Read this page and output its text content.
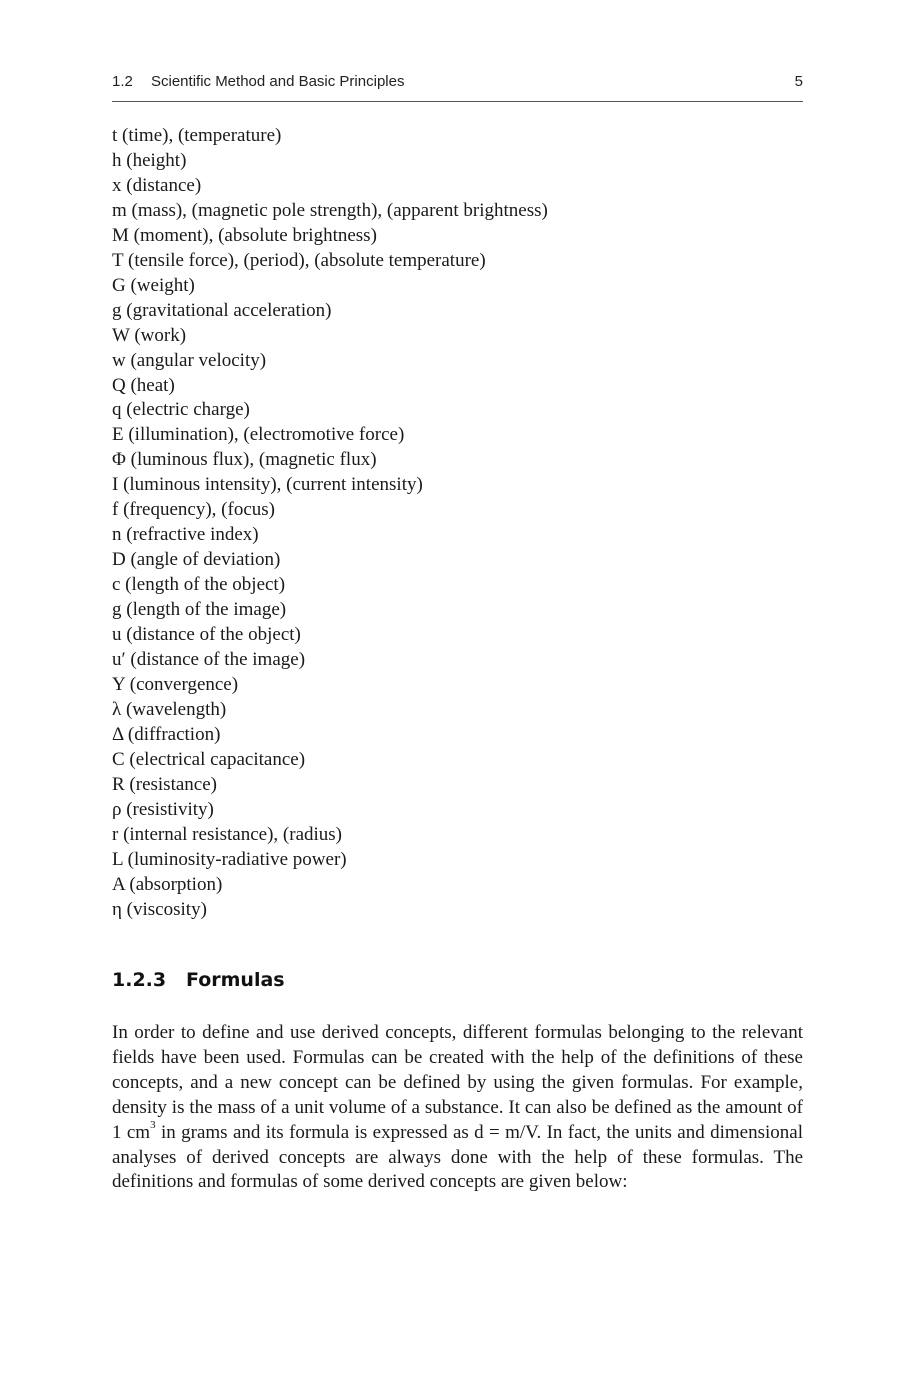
1.2 Scientific Method and Basic Principles	5
t (time), (temperature)
h (height)
x (distance)
m (mass), (magnetic pole strength), (apparent brightness)
M (moment), (absolute brightness)
T (tensile force), (period), (absolute temperature)
G (weight)
g (gravitational acceleration)
W (work)
w (angular velocity)
Q (heat)
q (electric charge)
E (illumination), (electromotive force)
Φ (luminous flux), (magnetic flux)
I (luminous intensity), (current intensity)
f (frequency), (focus)
n (refractive index)
D (angle of deviation)
c (length of the object)
g (length of the image)
u (distance of the object)
u′ (distance of the image)
Y (convergence)
λ (wavelength)
Δ (diffraction)
C (electrical capacitance)
R (resistance)
ρ (resistivity)
r (internal resistance), (radius)
L (luminosity-radiative power)
A (absorption)
η (viscosity)
1.2.3 Formulas

In order to define and use derived concepts, different formulas belonging to the relevant fields have been used. Formulas can be created with the help of the definitions of these concepts, and a new concept can be defined by using the given formulas. For example, density is the mass of a unit volume of a substance. It can also be defined as the amount of 1 $cm^3$ in grams and its formula is expressed as d = m/V. In fact, the units and dimensional analyses of derived concepts are always done with the help of these formulas. The definitions and formulas of some derived concepts are given below:
